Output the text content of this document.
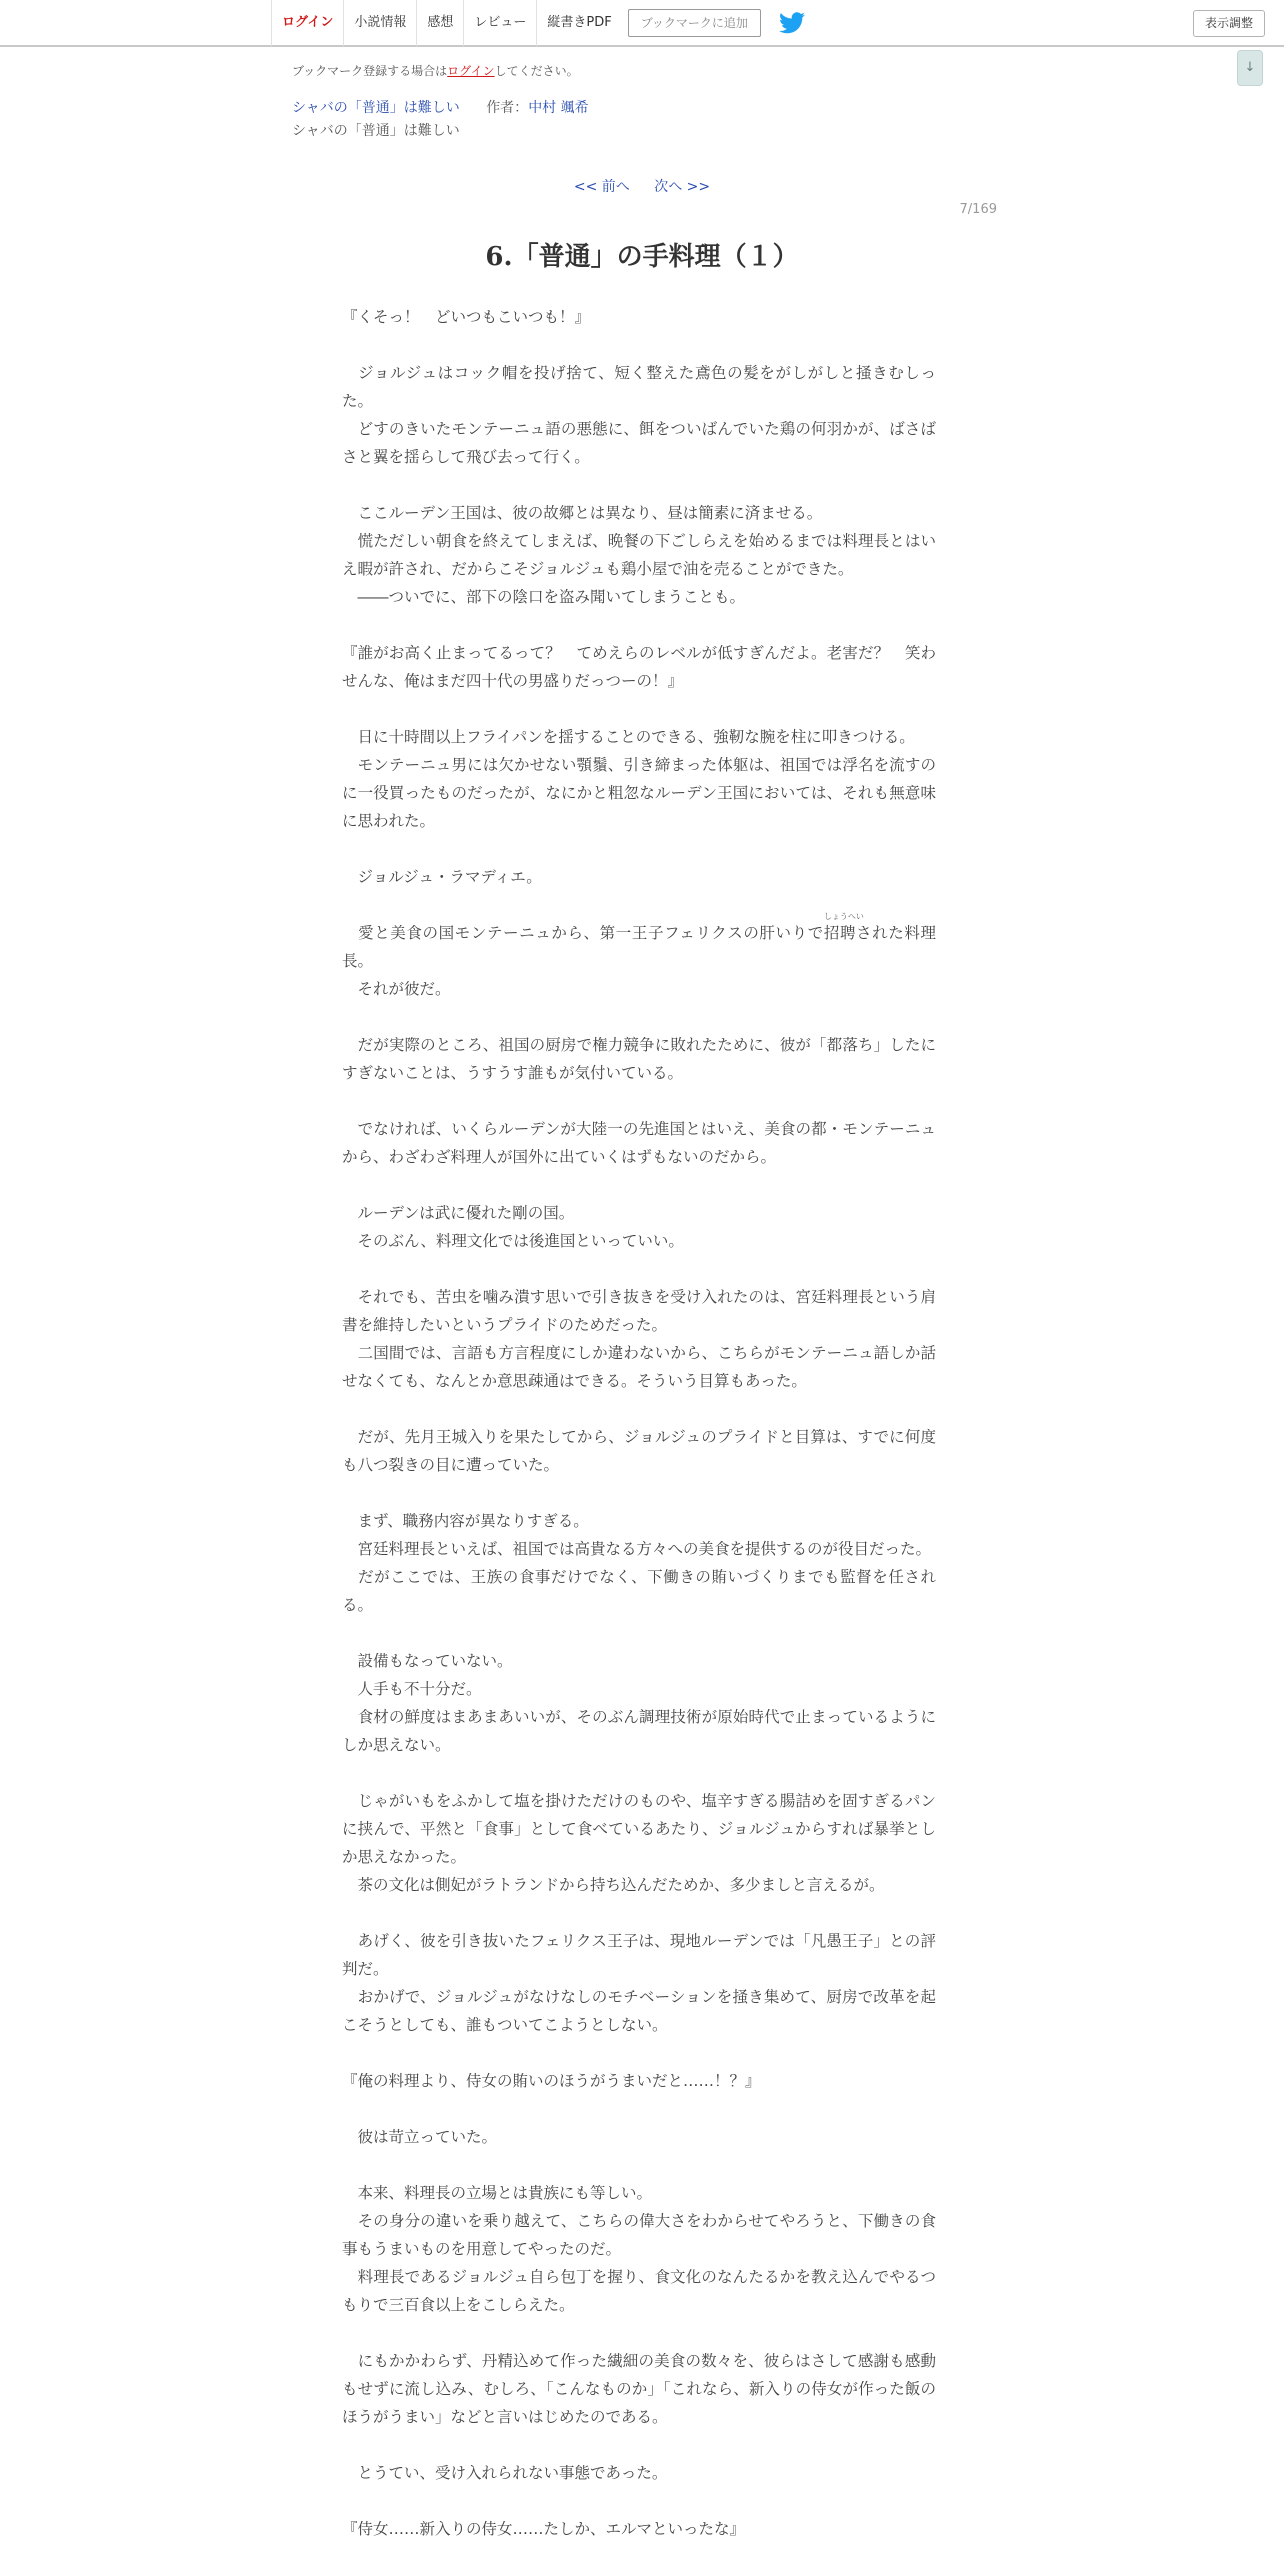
ログイン	小説情報	感想	レビュー	縦書きPDF	ブックマークに追加	表示調整
↓
ブックマーク登録する場合はログインしてください。
シャバの「普通」は難しい 作者：中村 颯希
シャバの「普通」は難しい
<< 前へ 次へ >>
7/169
6.「普通」の手料理（１）

『くそっ！　どいつもこいつも！』

　ジョルジュはコック帽を投げ捨て、短く整えた鳶色の髪をがしがしと掻きむしった。

　どすのきいたモンテーニュ語の悪態に、餌をついばんでいた鶏の何羽かが、ばさばさと翼を揺らして飛び去って行く。

　ここルーデン王国は、彼の故郷とは異なり、昼は簡素に済ませる。

　慌ただしい朝食を終えてしまえば、晩餐の下ごしらえを始めるまでは料理長とはいえ暇が許され、だからこそジョルジュも鶏小屋で油を売ることができた。

　――ついでに、部下の陰口を盗み聞いてしまうことも。

『誰がお高く止まってるって？　てめえらのレベルが低すぎんだよ。老害だ？　笑わせんな、俺はまだ四十代の男盛りだっつーの！』

　日に十時間以上フライパンを揺することのできる、強靭な腕を柱に叩きつける。

　モンテーニュ男には欠かせない顎鬚、引き締まった体躯は、祖国では浮名を流すのに一役買ったものだったが、なにかと粗忽なルーデン王国においては、それも無意味に思われた。

　ジョルジュ・ラマディエ。

　愛と美食の国モンテーニュから、第一王子フェリクスの肝いりで
しょうへい
招聘された料理長。

　それが彼だ。

　だが実際のところ、祖国の厨房で権力競争に敗れたために、彼が「都落ち」したにすぎないことは、うすうす誰もが気付いている。

　でなければ、いくらルーデンが大陸一の先進国とはいえ、美食の都・モンテーニュから、わざわざ料理人が国外に出ていくはずもないのだから。

　ルーデンは武に優れた剛の国。

　そのぶん、料理文化では後進国といっていい。

　それでも、苦虫を噛み潰す思いで引き抜きを受け入れたのは、宮廷料理長という肩書を維持したいというプライドのためだった。

　二国間では、言語も方言程度にしか違わないから、こちらがモンテーニュ語しか話せなくても、なんとか意思疎通はできる。そういう目算もあった。

　だが、先月王城入りを果たしてから、ジョルジュのプライドと目算は、すでに何度も八つ裂きの目に遭っていた。

　まず、職務内容が異なりすぎる。

　宮廷料理長といえば、祖国では高貴なる方々への美食を提供するのが役目だった。

　だがここでは、王族の食事だけでなく、下働きの賄いづくりまでも監督を任される。

　設備もなっていない。

　人手も不十分だ。

　食材の鮮度はまあまあいいが、そのぶん調理技術が原始時代で止まっているようにしか思えない。

　じゃがいもをふかして塩を掛けただけのものや、塩辛すぎる腸詰めを固すぎるパンに挟んで、平然と「食事」として食べているあたり、ジョルジュからすれば暴挙としか思えなかった。

　茶の文化は側妃がラトランドから持ち込んだためか、多少ましと言えるが。

　あげく、彼を引き抜いたフェリクス王子は、現地ルーデンでは「凡愚王子」との評判だ。

　おかげで、ジョルジュがなけなしのモチベーションを掻き集めて、厨房で改革を起こそうとしても、誰もついてこようとしない。

『俺の料理より、侍女の賄いのほうがうまいだと……！？』

　彼は苛立っていた。

　本来、料理長の立場とは貴族にも等しい。

　その身分の違いを乗り越えて、こちらの偉大さをわからせてやろうと、下働きの食事もうまいものを用意してやったのだ。

　料理長であるジョルジュ自ら包丁を握り、食文化のなんたるかを教え込んでやるつもりで三百食以上をこしらえた。

　にもかかわらず、丹精込めて作った繊細の美食の数々を、彼らはさして感謝も感動もせずに流し込み、むしろ、「こんなものか」「これなら、新入りの侍女が作った飯のほうがうまい」などと言いはじめたのである。

　とうてい、受け入れられない事態であった。

『侍女……新入りの侍女……たしか、エルマといったな』
